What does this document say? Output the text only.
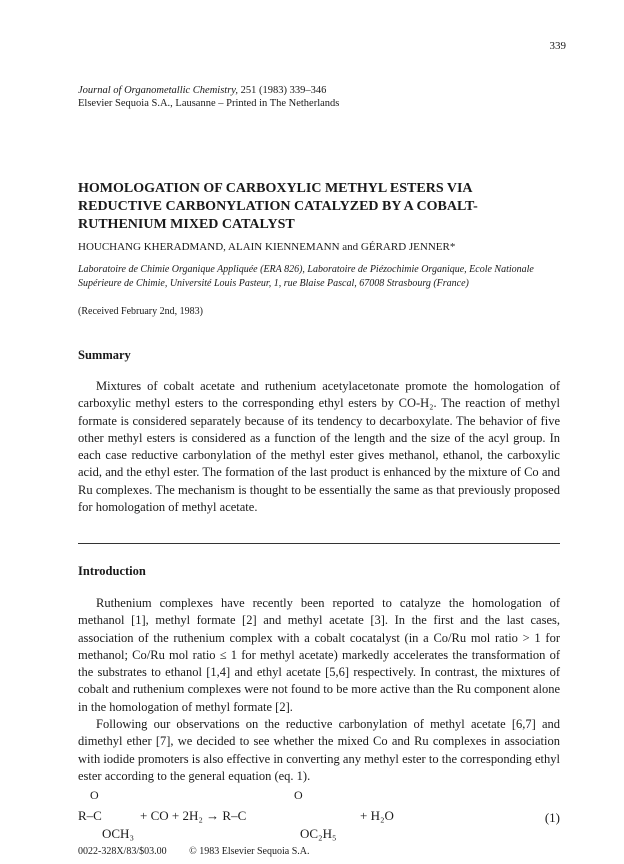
339
Journal of Organometallic Chemistry, 251 (1983) 339–346
Elsevier Sequoia S.A., Lausanne – Printed in The Netherlands
HOMOLOGATION OF CARBOXYLIC METHYL ESTERS VIA REDUCTIVE CARBONYLATION CATALYZED BY A COBALT-RUTHENIUM MIXED CATALYST
HOUCHANG KHERADMAND, ALAIN KIENNEMANN and GÉRARD JENNER*
Laboratoire de Chimie Organique Appliquée (ERA 826), Laboratoire de Piézochimie Organique, Ecole Nationale Supérieure de Chimie, Université Louis Pasteur, 1, rue Blaise Pascal, 67008 Strasbourg (France)
(Received February 2nd, 1983)
Summary
Mixtures of cobalt acetate and ruthenium acetylacetonate promote the homologation of carboxylic methyl esters to the corresponding ethyl esters by CO-H₂. The reaction of methyl formate is considered separately because of its tendency to decarboxylate. The behavior of five other methyl esters is considered as a function of the length and the size of the acyl group. In each case reductive carbonylation of the methyl ester gives methanol, ethanol, the carboxylic acid, and the ethyl ester. The formation of the last product is enhanced by the mixture of Co and Ru complexes. The mechanism is thought to be essentially the same as that previously proposed for homologation of methyl acetate.
Introduction

Ruthenium complexes have recently been reported to catalyze the homologation of methanol [1], methyl formate [2] and methyl acetate [3]. In the first and the last cases, association of the ruthenium complex with a cobalt cocatalyst (in a Co/Ru mol ratio > 1 for methanol; Co/Ru mol ratio ≤ 1 for methyl acetate) markedly accelerates the transformation of the substrates to ethanol [1,4] and ethyl acetate [5,6] respectively. In contrast, the mixtures of cobalt and ruthenium complexes were not found to be more active than the Ru component alone in the homologation of methyl formate [2].

Following our observations on the reductive carbonylation of methyl acetate [6,7] and dimethyl ether [7], we decided to see whether the mixed Co and Ru complexes in association with iodide promoters is also effective in converting any methyl ester to the corresponding ethyl ester according to the general equation (eq. 1).

O
R–C
OCH₃
+ CO + 2H₂ → R–C
O
OC₂H₅
+ H₂O	(1)
0022-328X/83/$03.00 © 1983 Elsevier Sequoia S.A.
